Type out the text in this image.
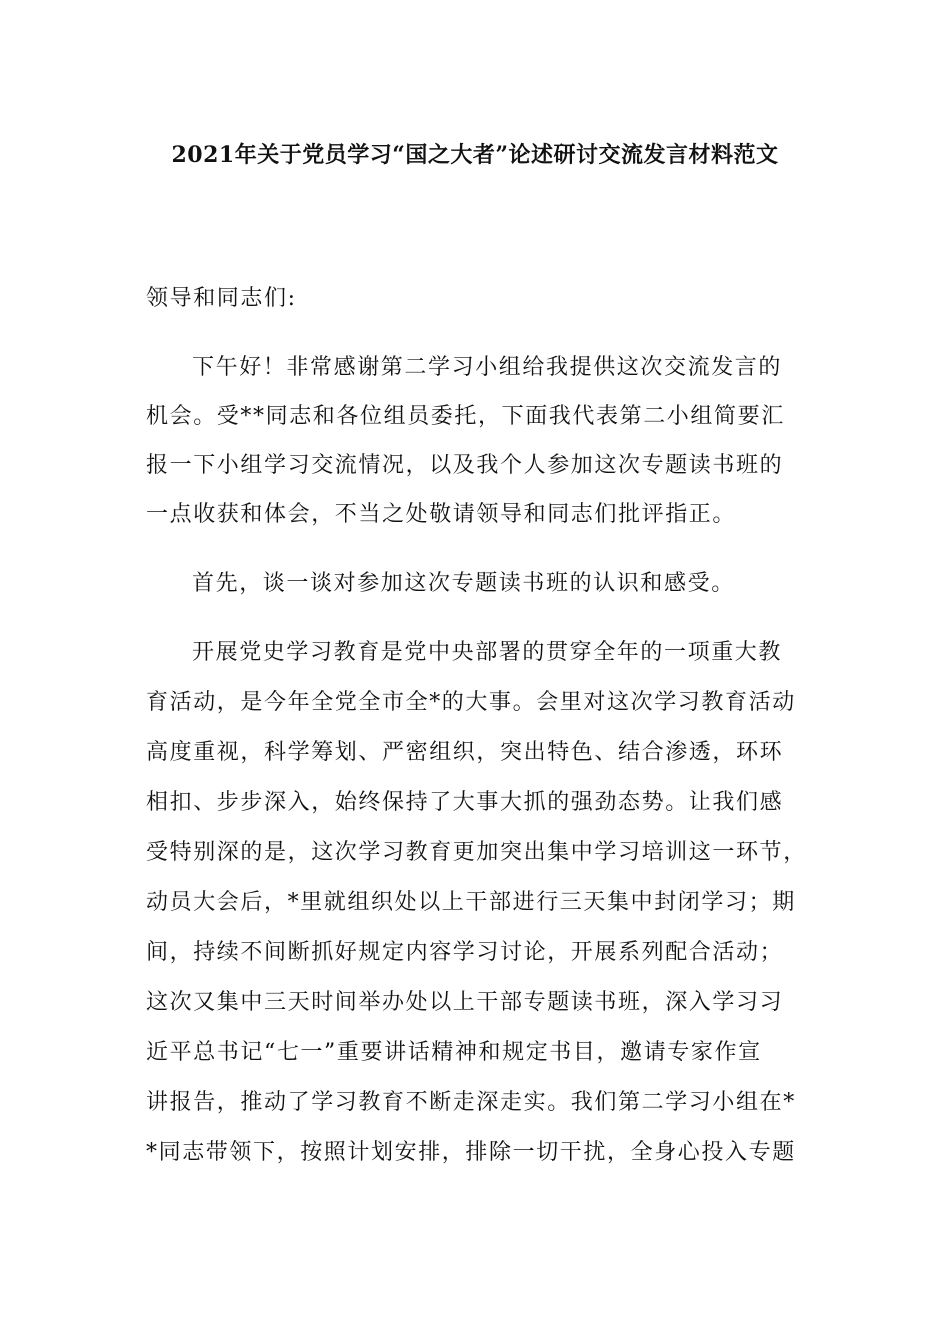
2021年关于党员学习“国之大者”论述研讨交流发言材料范文
领导和同志们:
下午好！非常感谢第二学习小组给我提供这次交流发言的
机会。受**同志和各位组员委托，下面我代表第二小组简要汇
报一下小组学习交流情况，以及我个人参加这次专题读书班的
一点收获和体会，不当之处敬请领导和同志们批评指正。
首先，谈一谈对参加这次专题读书班的认识和感受。
开展党史学习教育是党中央部署的贯穿全年的一项重大教
育活动，是今年全党全市全*的大事。会里对这次学习教育活动
高度重视，科学筹划、严密组织，突出特色、结合渗透，环环
相扣、步步深入，始终保持了大事大抓的强劲态势。让我们感
受特别深的是，这次学习教育更加突出集中学习培训这一环节，
动员大会后，*里就组织处以上干部进行三天集中封闭学习；期
间，持续不间断抓好规定内容学习讨论，开展系列配合活动；
这次又集中三天时间举办处以上干部专题读书班，深入学习习
近平总书记“七一”重要讲话精神和规定书目，邀请专家作宣
讲报告，推动了学习教育不断走深走实。我们第二学习小组在*
*同志带领下，按照计划安排，排除一切干扰，全身心投入专题
